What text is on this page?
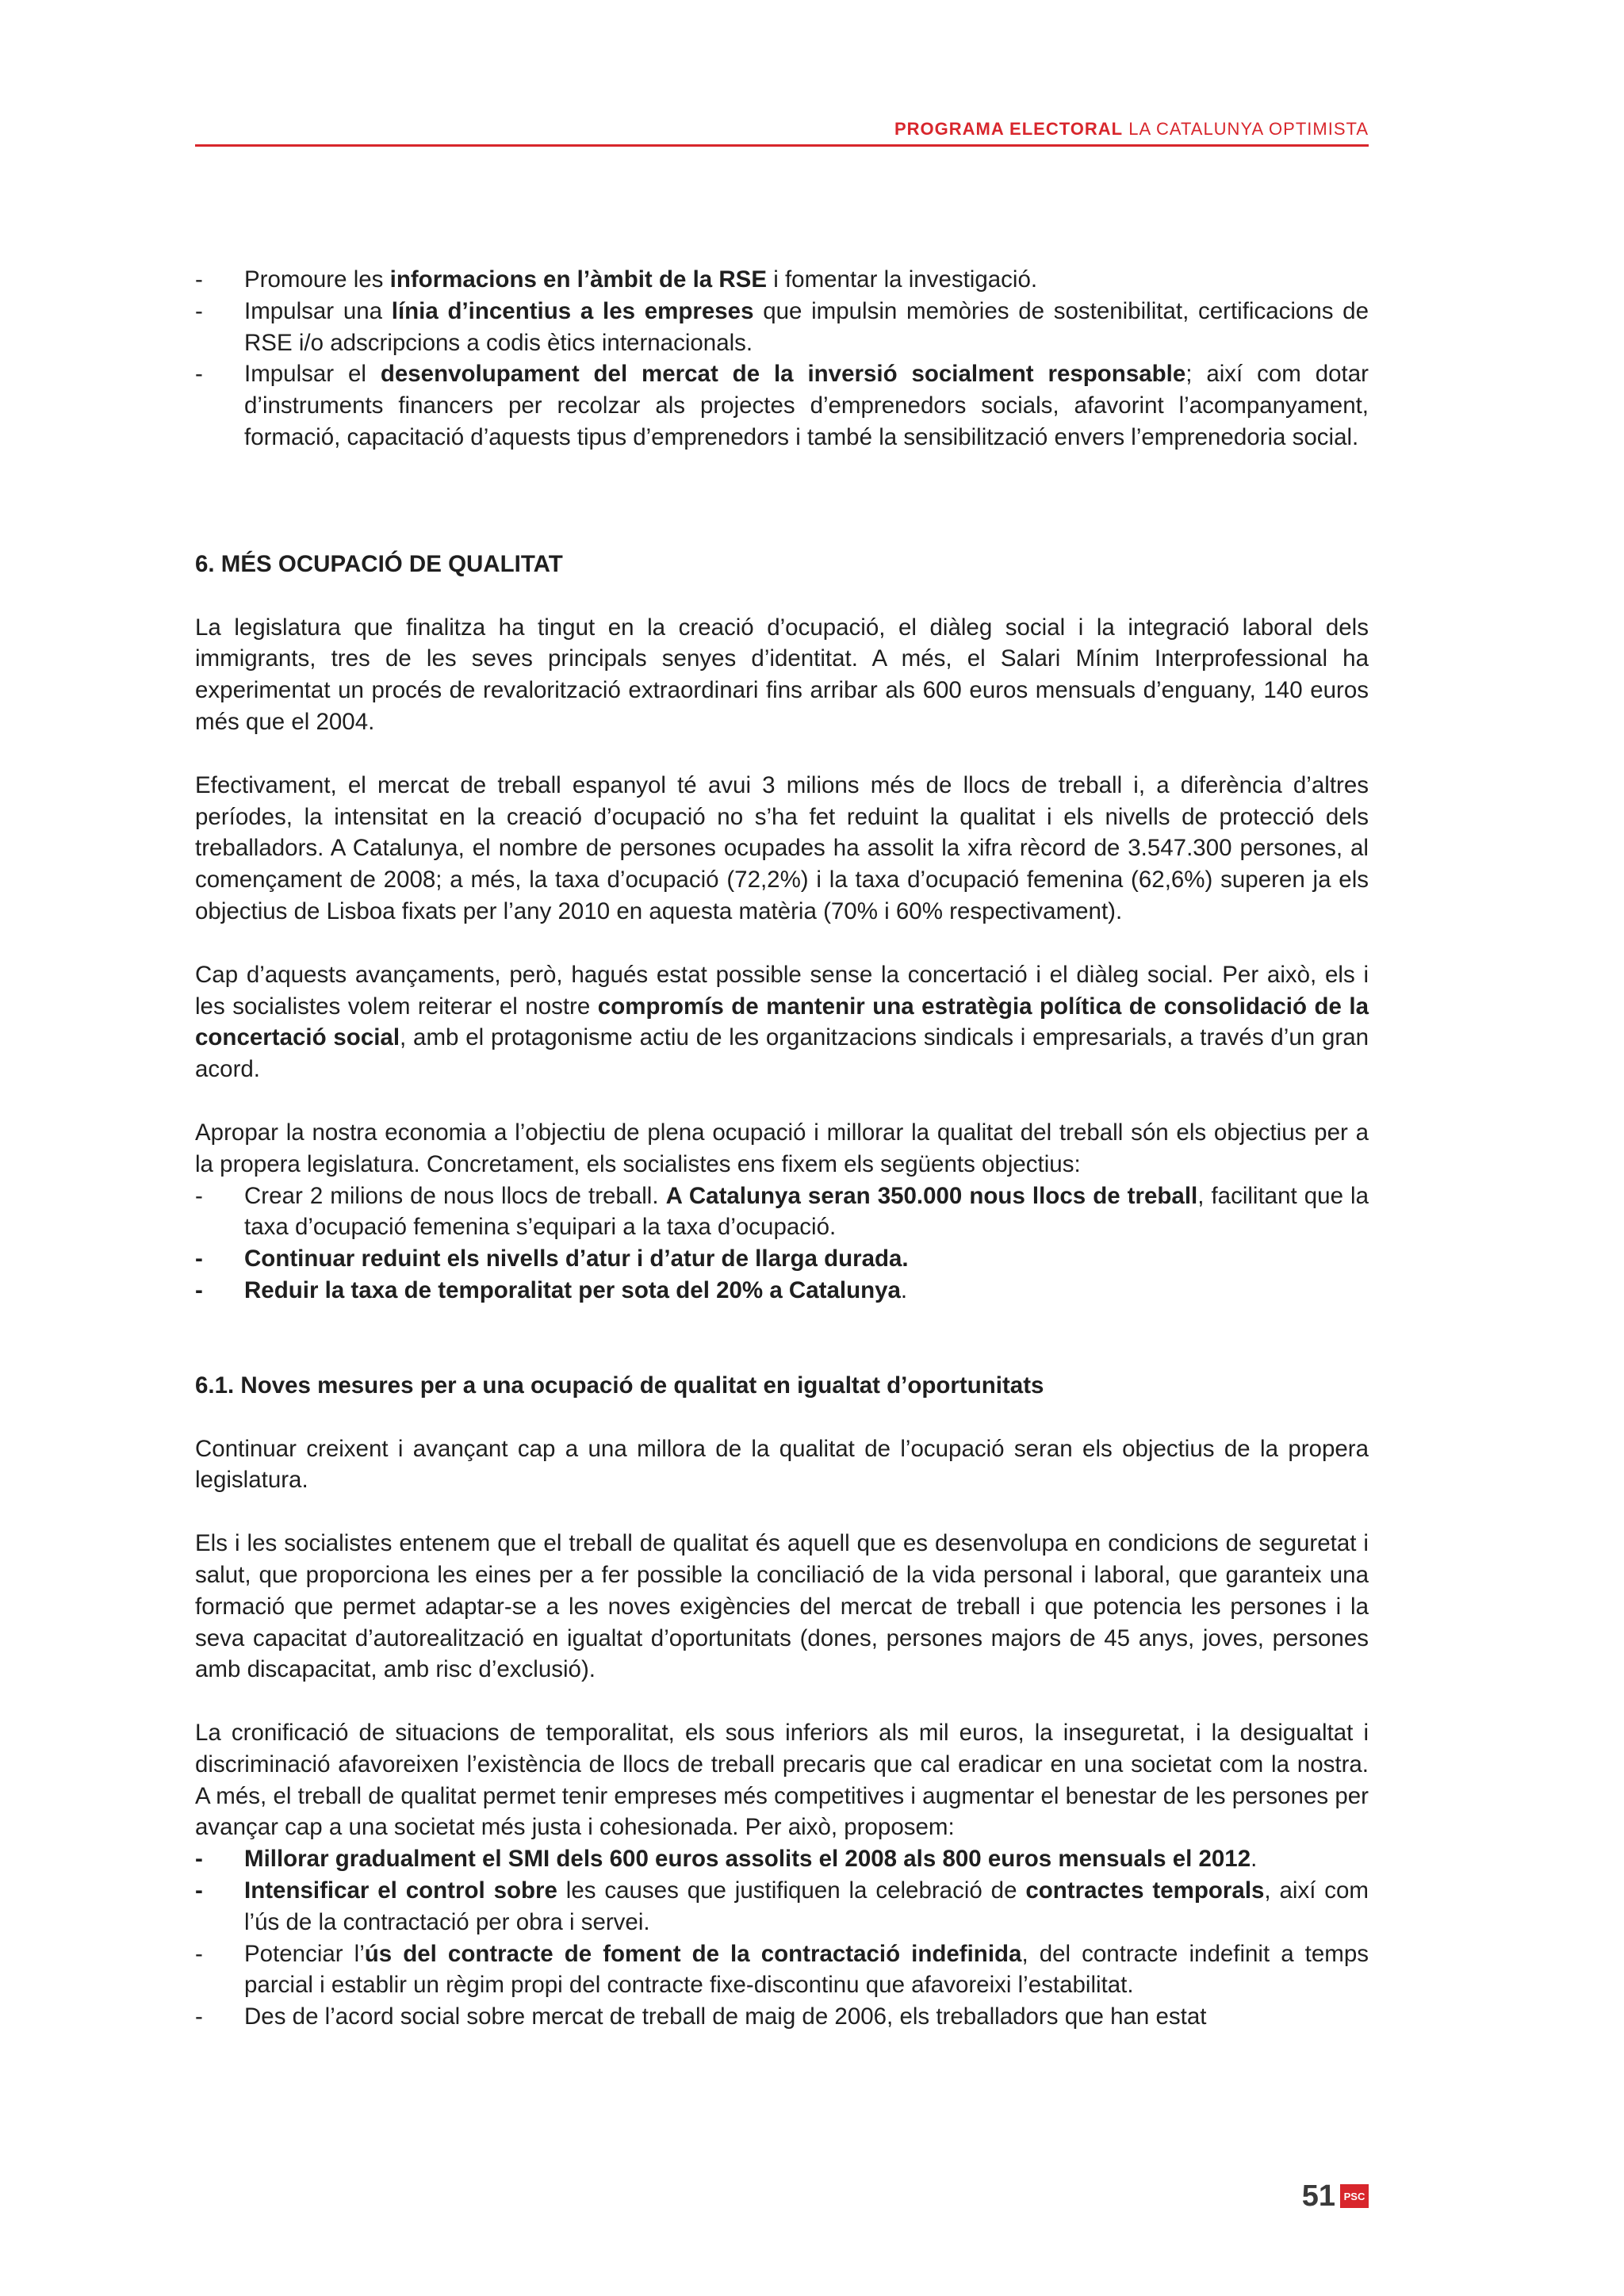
PROGRAMA ELECTORAL LA CATALUNYA OPTIMISTA
- Promoure les informacions en l’àmbit de la RSE i fomentar la investigació.
- Impulsar una línia d’incentius a les empreses que impulsin memòries de sostenibilitat, certificacions de RSE i/o adscripcions a codis ètics internacionals.
- Impulsar el desenvolupament del mercat de la inversió socialment responsable; així com dotar d’instruments financers per recolzar als projectes d’emprenedors socials, afavorint l’acompanyament, formació, capacitació d’aquests tipus d’emprenedors i també la sensibilització envers l’emprenedoria social.
6. MÉS OCUPACIÓ DE QUALITAT

La legislatura que finalitza ha tingut en la creació d’ocupació, el diàleg social i la integració laboral dels immigrants, tres de les seves principals senyes d’identitat. A més, el Salari Mínim Interprofessional ha experimentat un procés de revalorització extraordinari fins arribar als 600 euros mensuals d’enguany, 140 euros més que el 2004.

Efectivament, el mercat de treball espanyol té avui 3 milions més de llocs de treball i, a diferència d’altres períodes, la intensitat en la creació d’ocupació no s’ha fet reduint la qualitat i els nivells de protecció dels treballadors. A Catalunya, el nombre de persones ocupades ha assolit la xifra rècord de 3.547.300 persones, al començament de 2008; a més, la taxa d’ocupació (72,2%) i la taxa d’ocupació femenina (62,6%) superen ja els objectius de Lisboa fixats per l’any 2010 en aquesta matèria (70% i 60% respectivament).

Cap d’aquests avançaments, però, hagués estat possible sense la concertació i el diàleg social. Per això, els i les socialistes volem reiterar el nostre compromís de mantenir una estratègia política de consolidació de la concertació social, amb el protagonisme actiu de les organitzacions sindicals i empresarials, a través d’un gran acord.

Apropar la nostra economia a l’objectiu de plena ocupació i millorar la qualitat del treball són els objectius per a la propera legislatura. Concretament, els socialistes ens fixem els següents objectius:

- Crear 2 milions de nous llocs de treball. A Catalunya seran 350.000 nous llocs de treball, facilitant que la taxa d’ocupació femenina s’equipari a la taxa d’ocupació.
- Continuar reduint els nivells d’atur i d’atur de llarga durada.
- Reduir la taxa de temporalitat per sota del 20% a Catalunya.
6.1. Noves mesures per a una ocupació de qualitat en igualtat d’oportunitats

Continuar creixent i avançant cap a una millora de la qualitat de l’ocupació seran els objectius de la propera legislatura.

Els i les socialistes entenem que el treball de qualitat és aquell que es desenvolupa en condicions de seguretat i salut, que proporciona les eines per a fer possible la conciliació de la vida personal i laboral, que garanteix una formació que permet adaptar-se a les noves exigències del mercat de treball i que potencia les persones i la seva capacitat d’autorealització en igualtat d’oportunitats (dones, persones majors de 45 anys, joves, persones amb discapacitat, amb risc d’exclusió).

La cronificació de situacions de temporalitat, els sous inferiors als mil euros, la inseguretat, i la desigualtat i discriminació afavoreixen l’existència de llocs de treball precaris que cal eradicar en una societat com la nostra. A més, el treball de qualitat permet tenir empreses més competitives i augmentar el benestar de les persones per avançar cap a una societat més justa i cohesionada. Per això, proposem:

- Millorar gradualment el SMI dels 600 euros assolits el 2008 als 800 euros mensuals el 2012.
- Intensificar el control sobre les causes que justifiquen la celebració de contractes temporals, així com l’ús de la contractació per obra i servei.
- Potenciar l’ús del contracte de foment de la contractació indefinida, del contracte indefinit a temps parcial i establir un règim propi del contracte fixe-discontinu que afavoreixi l’estabilitat.
- Des de l’acord social sobre mercat de treball de maig de 2006, els treballadors que han estat
51 PSC
